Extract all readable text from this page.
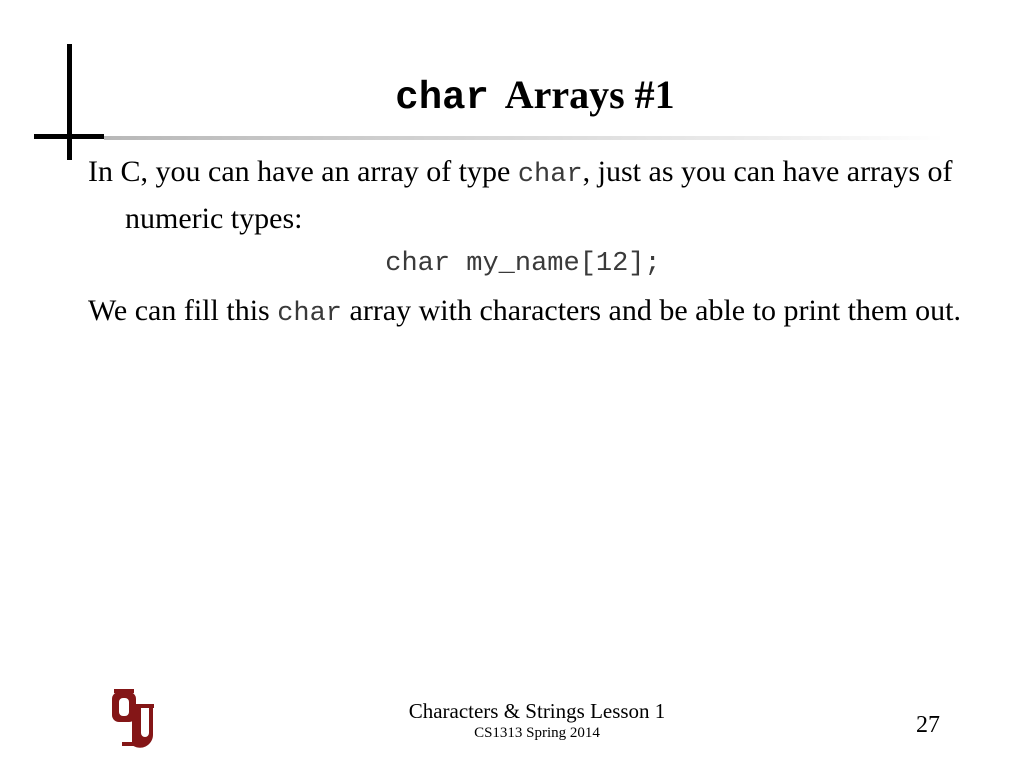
char Arrays #1

In C, you can have an array of type char, just as you can have arrays of numeric types:

char my_name[12];

We can fill this char array with characters and be able to print them out.

Characters & Strings Lesson 1
CS1313 Spring 2014	27
